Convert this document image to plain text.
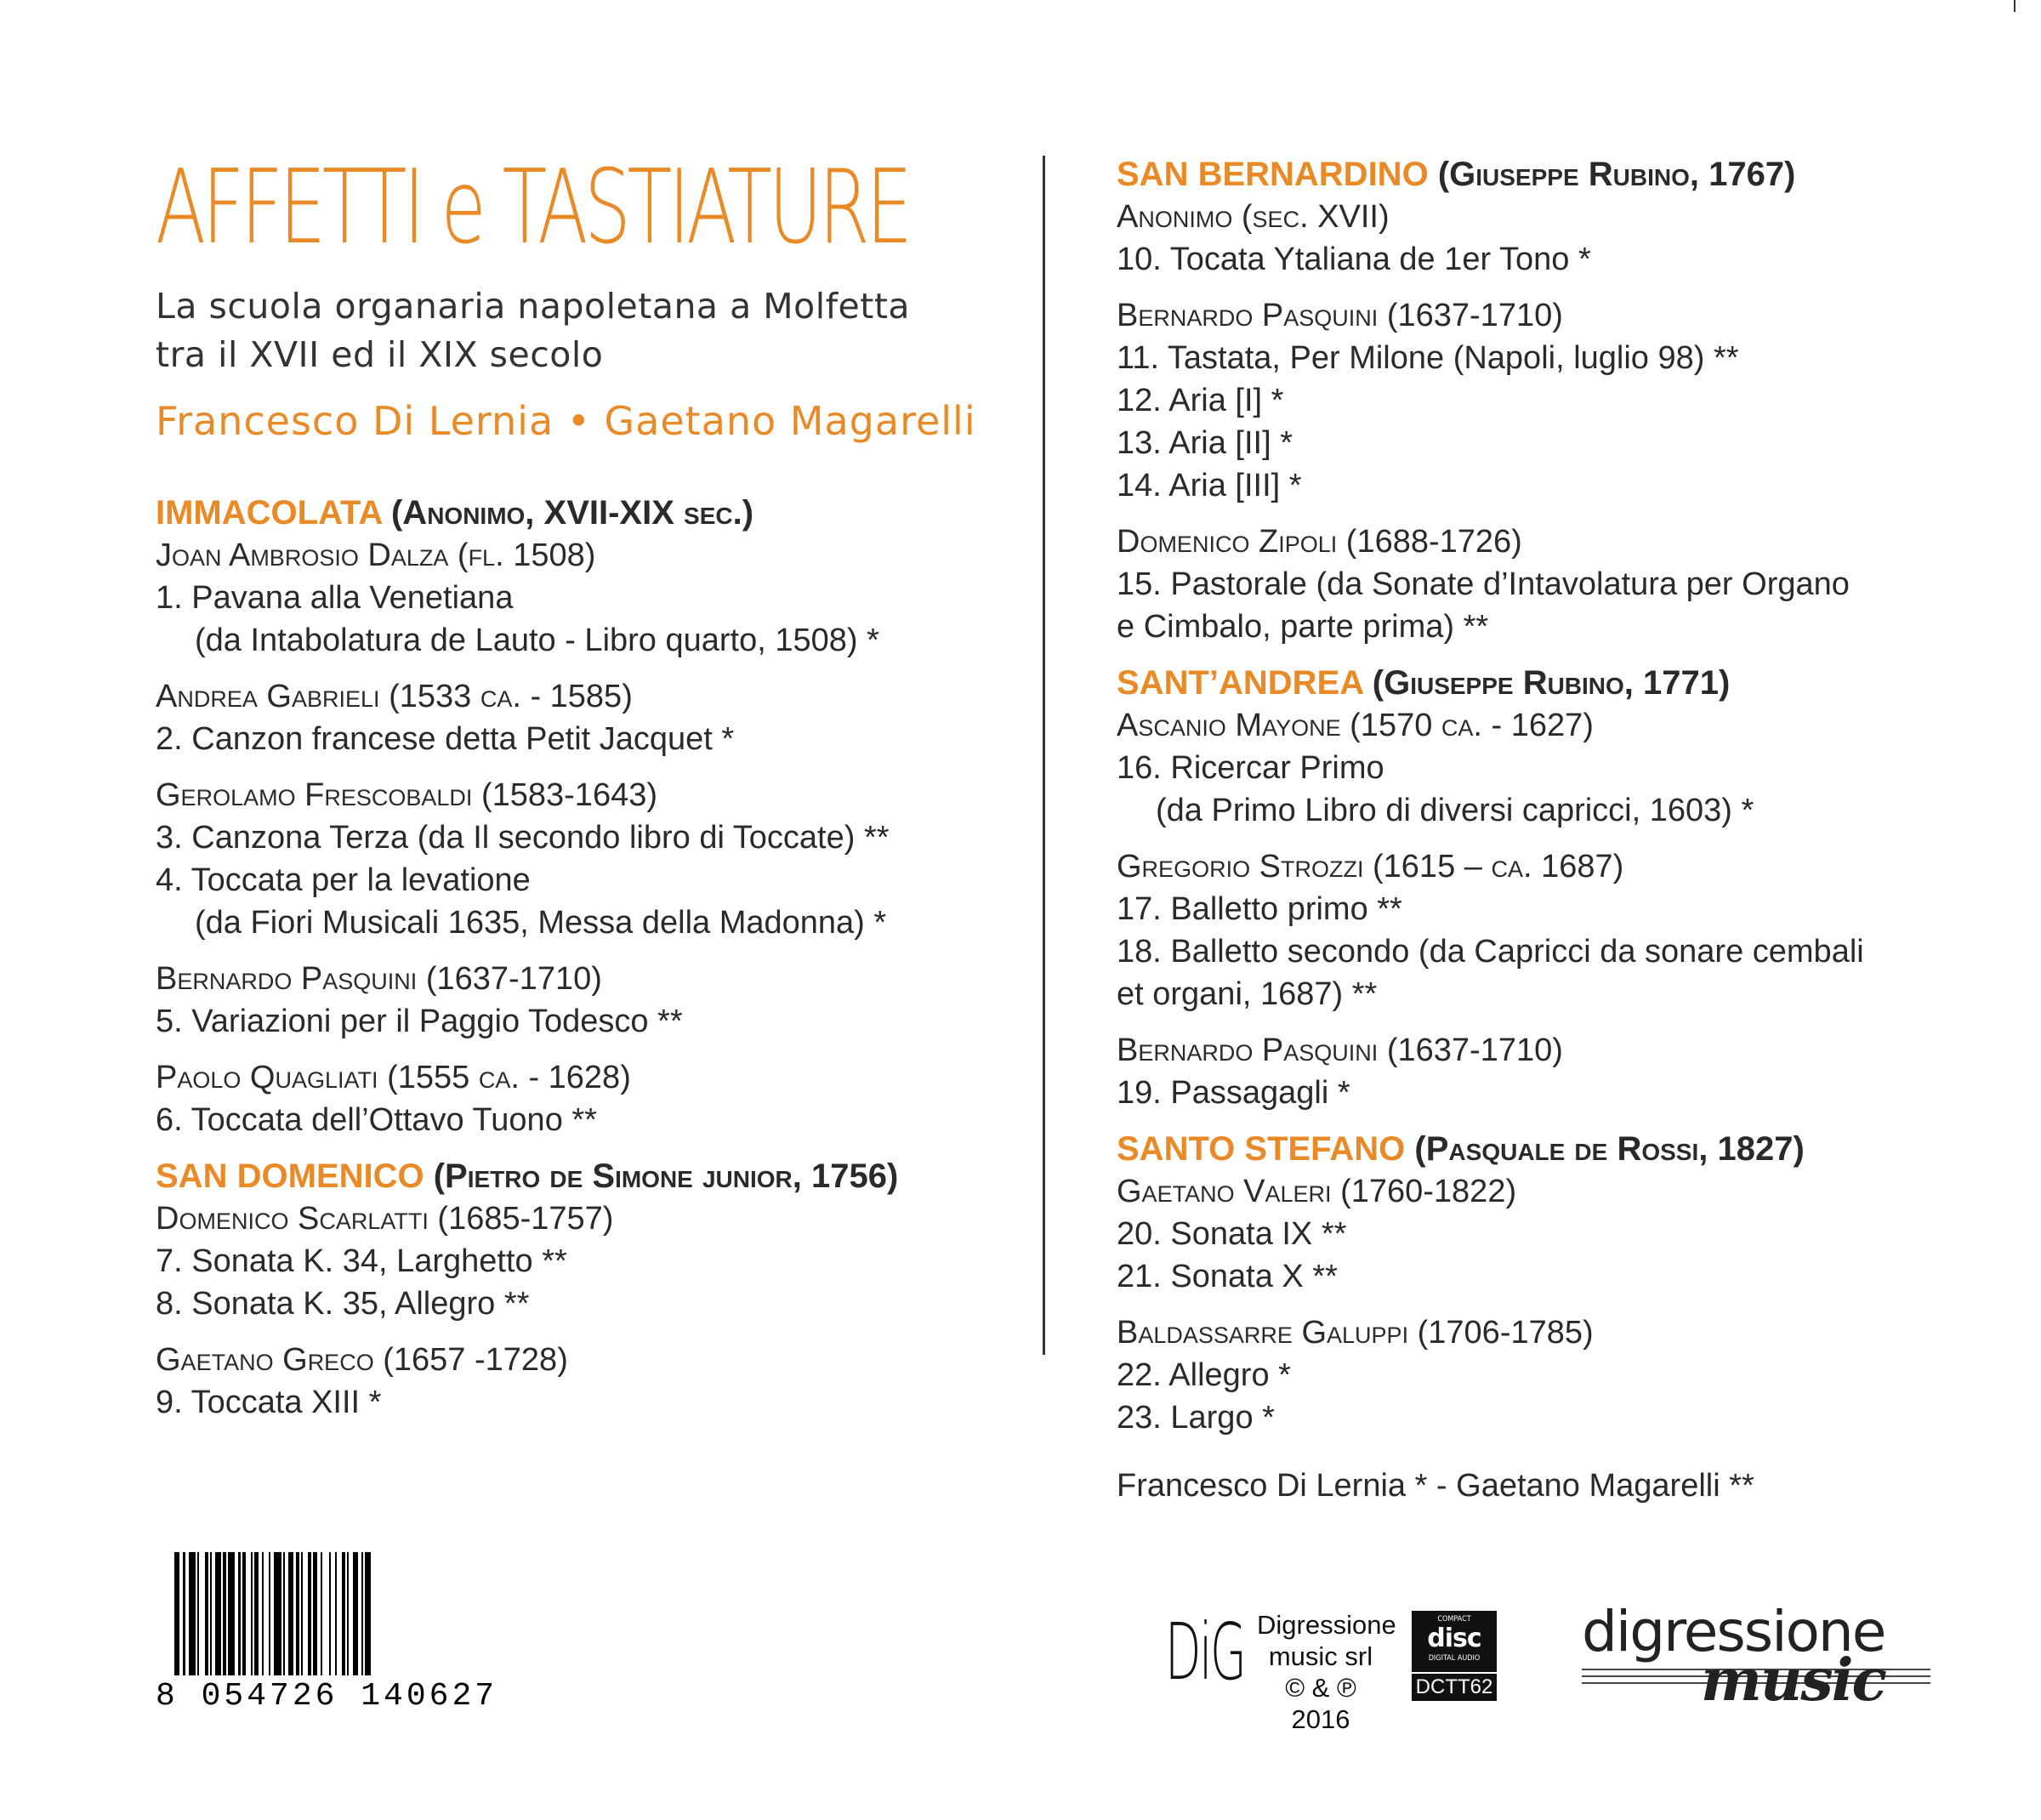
AFFETTI e TASTIATURE
La scuola organaria napoletana a Molfetta
tra il XVII ed il XIX secolo
Francesco Di Lernia • Gaetano Magarelli
IMMACOLATA (Anonimo, XVII-XIX sec.)
Joan Ambrosio Dalza (fl. 1508)
1. Pavana alla Venetiana
(da Intabolatura de Lauto - Libro quarto, 1508) *
Andrea Gabrieli (1533 ca. - 1585)
2. Canzon francese detta Petit Jacquet *
Gerolamo Frescobaldi (1583-1643)
3. Canzona Terza (da Il secondo libro di Toccate) **
4. Toccata per la levatione
(da Fiori Musicali 1635, Messa della Madonna) *
Bernardo Pasquini (1637-1710)
5. Variazioni per il Paggio Todesco **
Paolo Quagliati (1555 ca. - 1628)
6. Toccata dell’Ottavo Tuono **
SAN DOMENICO (Pietro de Simone junior, 1756)
Domenico Scarlatti (1685-1757)
7. Sonata K. 34, Larghetto **
8. Sonata K. 35, Allegro **
Gaetano Greco (1657 -1728)
9. Toccata XIII *
SAN BERNARDINO (Giuseppe Rubino, 1767)
Anonimo (sec. XVII)
10. Tocata Ytaliana de 1er Tono *
Bernardo Pasquini (1637-1710)
11. Tastata, Per Milone (Napoli, luglio 98) **
12. Aria [I] *
13. Aria [II] *
14. Aria [III] *
Domenico Zipoli (1688-1726)
15. Pastorale (da Sonate d’Intavolatura per Organo
e Cimbalo, parte prima) **
SANT’ANDREA (Giuseppe Rubino, 1771)
Ascanio Mayone (1570 ca. - 1627)
16. Ricercar Primo
(da Primo Libro di diversi capricci, 1603) *
Gregorio Strozzi (1615 – ca. 1687)
17. Balletto primo **
18. Balletto secondo (da Capricci da sonare cembali
et organi, 1687) **
Bernardo Pasquini (1637-1710)
19. Passagagli *
SANTO STEFANO (Pasquale de Rossi, 1827)
Gaetano Valeri (1760-1822)
20. Sonata IX **
21. Sonata X **
Baldassarre Galuppi (1706-1785)
22. Allegro *
23. Largo *
Francesco Di Lernia * - Gaetano Magarelli **
8 054726 140627	DiG Digressione
music srl
© & ℗ 2016
COMPACT
disc
DIGITAL AUDIO
DCTT62
digressione
music
